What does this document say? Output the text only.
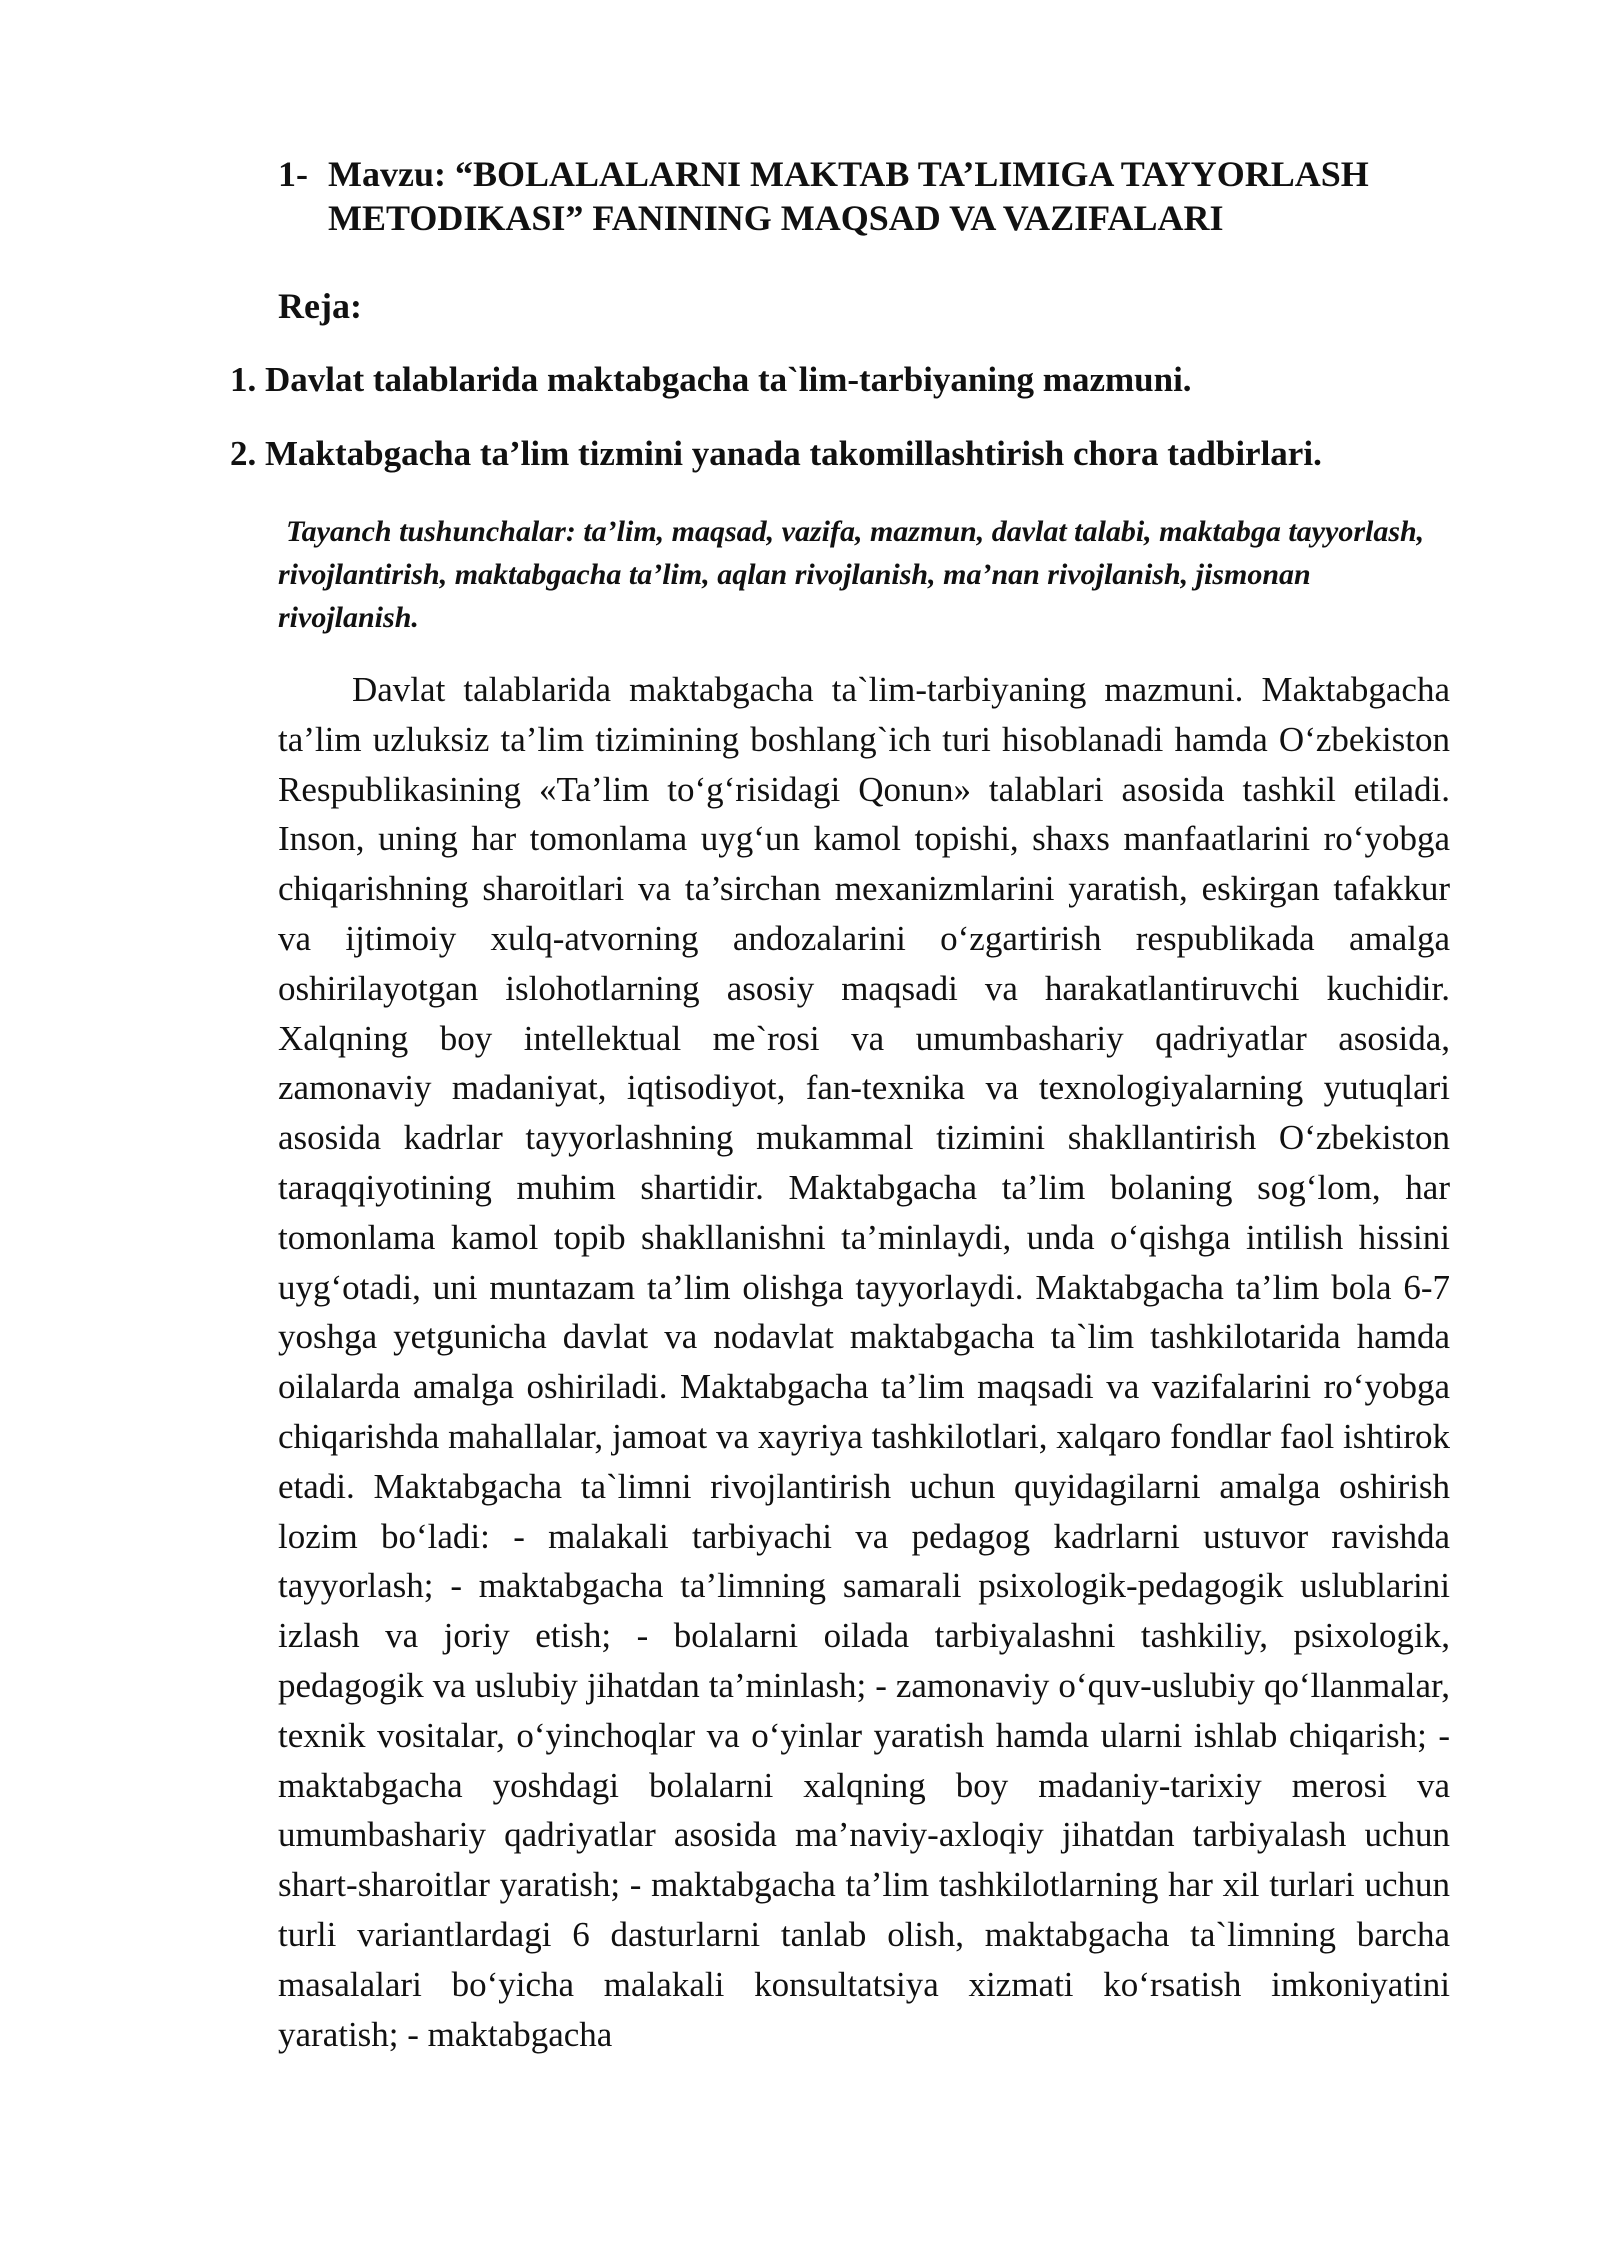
1- Mavzu: “BOLALALARNI MAKTAB TA’LIMIGA TAYYORLASH METODIKASI” FANINING MAQSAD VA VAZIFALARI
Reja:
1. Davlat talablarida maktabgacha ta`lim-tarbiyaning mazmuni.
2. Maktabgacha ta’lim tizmini yanada takomillashtirish chora tadbirlari.
Tayanch tushunchalar: ta’lim, maqsad, vazifa, mazmun, davlat talabi, maktabga tayyorlash, rivojlantirish, maktabgacha ta’lim, aqlan rivojlanish, ma’nan rivojlanish, jismonan rivojlanish.

Davlat talablarida maktabgacha ta`lim-tarbiyaning mazmuni. Maktabgacha ta’lim uzluksiz ta’lim tizimining boshlang`ich turi hisoblanadi hamda O‘zbekiston Respublikasining «Ta’lim to‘g‘risidagi Qonun» talablari asosida tashkil etiladi. Inson, uning har tomonlama uyg‘un kamol topishi, shaxs manfaatlarini ro‘yobga chiqarishning sharoitlari va ta’sirchan mexanizmlarini yaratish, eskirgan tafakkur va ijtimoiy xulq-atvorning andozalarini o‘zgartirish respublikada amalga oshirilayotgan islohotlarning asosiy maqsadi va harakatlantiruvchi kuchidir. Xalqning boy intellektual me`rosi va umumbashariy qadriyatlar asosida, zamonaviy madaniyat, iqtisodiyot, fan-texnika va texnologiyalarning yutuqlari asosida kadrlar tayyorlashning mukammal tizimini shakllantirish O‘zbekiston taraqqiyotining muhim shartidir. Maktabgacha ta’lim bolaning sog‘lom, har tomonlama kamol topib shakllanishni ta’minlaydi, unda o‘qishga intilish hissini uyg‘otadi, uni muntazam ta’lim olishga tayyorlaydi. Maktabgacha ta’lim bola 6-7 yoshga yetgunicha davlat va nodavlat maktabgacha ta`lim tashkilotarida hamda oilalarda amalga oshiriladi. Maktabgacha ta’lim maqsadi va vazifalarini ro‘yobga chiqarishda mahallalar, jamoat va xayriya tashkilotlari, xalqaro fondlar faol ishtirok etadi. Maktabgacha ta`limni rivojlantirish uchun quyidagilarni amalga oshirish lozim bo‘ladi: - malakali tarbiyachi va pedagog kadrlarni ustuvor ravishda tayyorlash; - maktabgacha ta’limning samarali psixologik-pedagogik uslublarini izlash va joriy etish; - bolalarni oilada tarbiyalashni tashkiliy, psixologik, pedagogik va uslubiy jihatdan ta’minlash; - zamonaviy o‘quv-uslubiy qo‘llanmalar, texnik vositalar, o‘yinchoqlar va o‘yinlar yaratish hamda ularni ishlab chiqarish; - maktabgacha yoshdagi bolalarni xalqning boy madaniy-tarixiy merosi va umumbashariy qadriyatlar asosida ma’naviy-axloqiy jihatdan tarbiyalash uchun shart-sharoitlar yaratish; - maktabgacha ta’lim tashkilotlarning har xil turlari uchun turli variantlardagi 6 dasturlarni tanlab olish, maktabgacha ta`limning barcha masalalari bo‘yicha malakali konsultatsiya xizmati ko‘rsatish imkoniyatini yaratish; - maktabgacha
